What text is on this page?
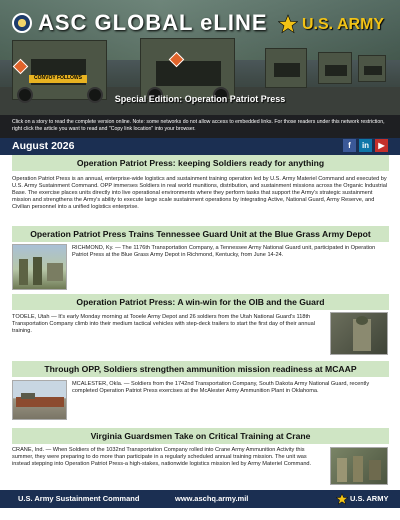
CONVOY FOLLOWS
ASC GLOBAL eLINE U.S. ARMY
Special Edition: Operation Patriot Press
Click on a story to read the complete version online. Note: some networks do not allow access to embedded links. For those readers under this network restriction, right click the article you want to read and "Copy link location" into your browser.
August 2026	f	in	▶
Operation Patriot Press: keeping Soldiers ready for anything
Operation Patriot Press is an annual, enterprise-wide logistics and sustainment training operation led by U.S. Army Materiel Command and executed by U.S. Army Sustainment Command. OPP immerses Soldiers in real world munitions, distribution, and sustainment missions across the Organic Industrial Base. The exercise places units directly into live operational environments where they perform tasks that support the Army's strategic sustainment mission and strengthens the Army's ability to execute large scale sustainment operations by integrating Active, National Guard, Army Reserve, and Civilian personnel into a unified logistics enterprise.
Operation Patriot Press Trains Tennessee Guard Unit at the Blue Grass Army Depot
RICHMOND, Ky. — The 1176th Transportation Company, a Tennessee Army National Guard unit, participated in Operation Patriot Press at the Blue Grass Army Depot in Richmond, Kentucky, from June 14-24.
Operation Patriot Press: A win-win for the OIB and the Guard
TOOELE, Utah — It's early Monday morning at Tooele Army Depot and 26 soldiers from the Utah National Guard's 118th Transportation Company climb into their medium tactical vehicles with step-deck trailers to start the first day of their annual training.
Through OPP, Soldiers strengthen ammunition mission readiness at MCAAP
MCALESTER, Okla. — Soldiers from the 1742nd Transportation Company, South Dakota Army National Guard, recently completed Operation Patriot Press exercises at the McAlester Army Ammunition Plant in Oklahoma.
Virginia Guardsmen Take on Critical Training at Crane
CRANE, Ind. — When Soldiers of the 1032nd Transportation Company rolled into Crane Army Ammunition Activity this summer, they were preparing to do more than participate in a regularly scheduled annual training mission. The unit was instead stepping into Operation Patriot Press-a high-stakes, nationwide logistics mission led by Army Materiel Command.
U.S. Army Sustainment Command	www.aschq.army.mil	U.S. ARMY
